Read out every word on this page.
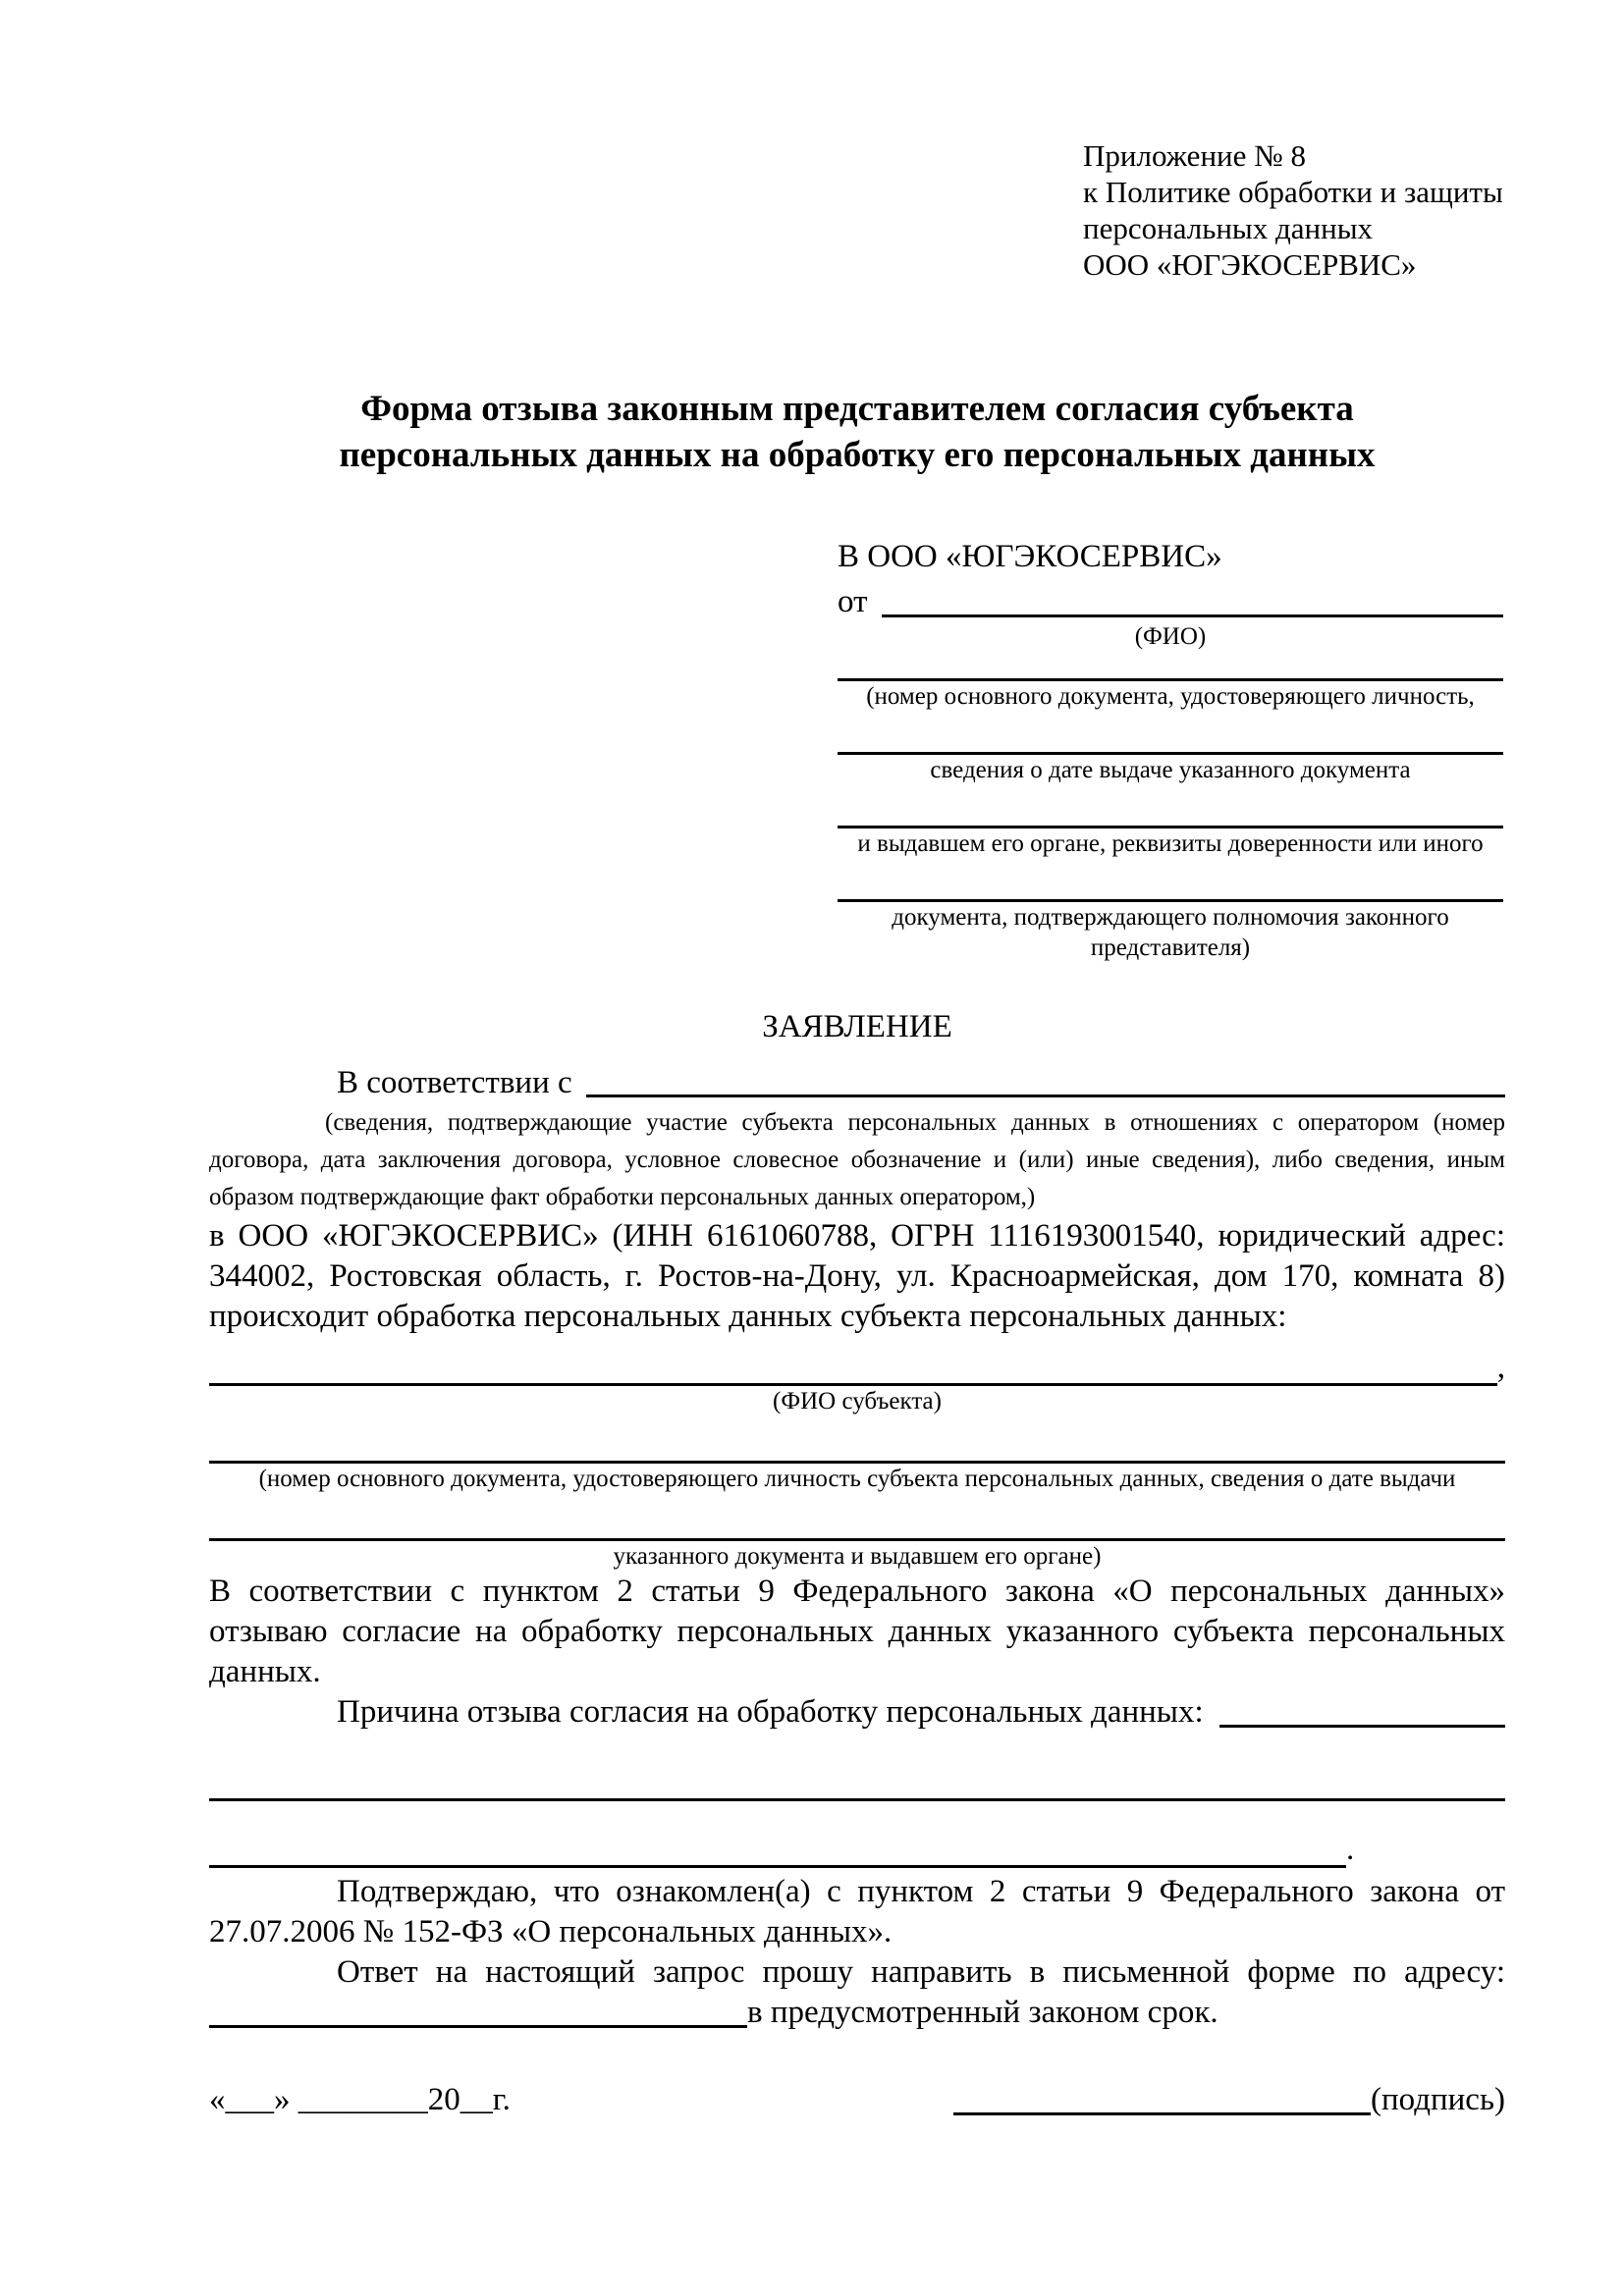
Приложение № 8
к Политике обработки и защиты
персональных данных
ООО «ЮГЭКОСЕРВИС»
Форма отзыва законным представителем согласия субъекта персональных данных на обработку его персональных данных
В ООО «ЮГЭКОСЕРВИС»
от
(ФИО)
(номер основного документа, удостоверяющего личность,
сведения о дате выдаче указанного документа
и выдавшем его органе, реквизиты доверенности или иного
документа, подтверждающего полномочия законного представителя)
ЗАЯВЛЕНИЕ
В соответствии с
(сведения, подтверждающие участие субъекта персональных данных в отношениях с оператором (номер договора, дата заключения договора, условное словесное обозначение и (или) иные сведения), либо сведения, иным образом подтверждающие факт обработки персональных данных оператором,)
в ООО «ЮГЭКОСЕРВИС» (ИНН 6161060788, ОГРН 1116193001540, юридический адрес: 344002, Ростовская область, г. Ростов-на-Дону, ул. Красноармейская, дом 170, комната 8) происходит обработка персональных данных субъекта персональных данных:
,
(ФИО субъекта)
(номер основного документа, удостоверяющего личность субъекта персональных данных, сведения о дате выдачи
указанного документа и выдавшем его органе)
В соответствии с пунктом 2 статьи 9 Федерального закона «О персональных данных» отзываю согласие на обработку персональных данных указанного субъекта персональных данных.
Причина отзыва согласия на обработку персональных данных:
.
Подтверждаю, что ознакомлен(а) с пунктом 2 статьи 9 Федерального закона от 27.07.2006 № 152-ФЗ «О персональных данных».
Ответ на настоящий запрос прошу направить в письменной форме по адресу:
в предусмотренный законом срок.
«___» ________20__г.	(подпись)
